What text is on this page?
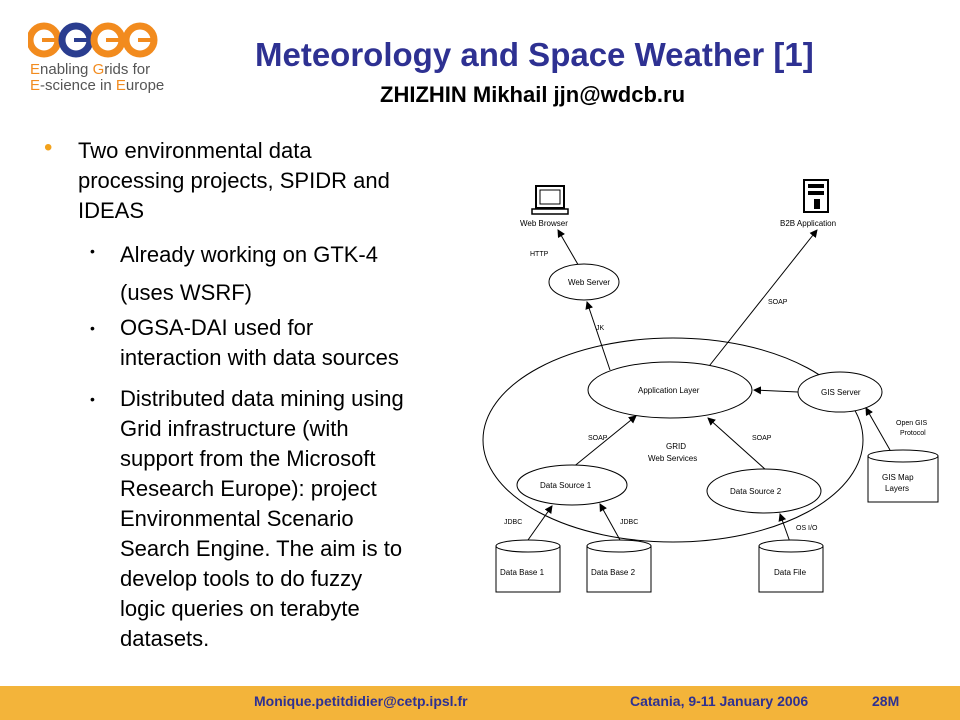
Enabling Grids for
E-science in Europe
Meteorology and Space Weather [1]
ZHIZHIN Mikhail jjn@wdcb.ru
• Two environmental data
processing projects, SPIDR and
IDEAS
• Already working on GTK-4
(uses WSRF)
• OGSA-DAI used for
interaction with data sources
• Distributed data mining using
Grid infrastructure (with
support from the Microsoft
Research Europe): project
Environmental Scenario
Search Engine. The aim is to
develop tools to do fuzzy
logic queries on terabyte
datasets.
Web Browser	B2B Application
GRID
Web Services
HTTP
Web Server
JK
SOAP
Application Layer	GIS Server
Open GIS
Protocol
GIS Map
Layers
SOAP
Data Source 1
SOAP
Data Source 2
JDBC	JDBC
OS I/O
Data Base 1	Data Base 2	Data File
Monique.petitdidier@cetp.ipsl.fr	Catania, 9-11 January 2006	28M
